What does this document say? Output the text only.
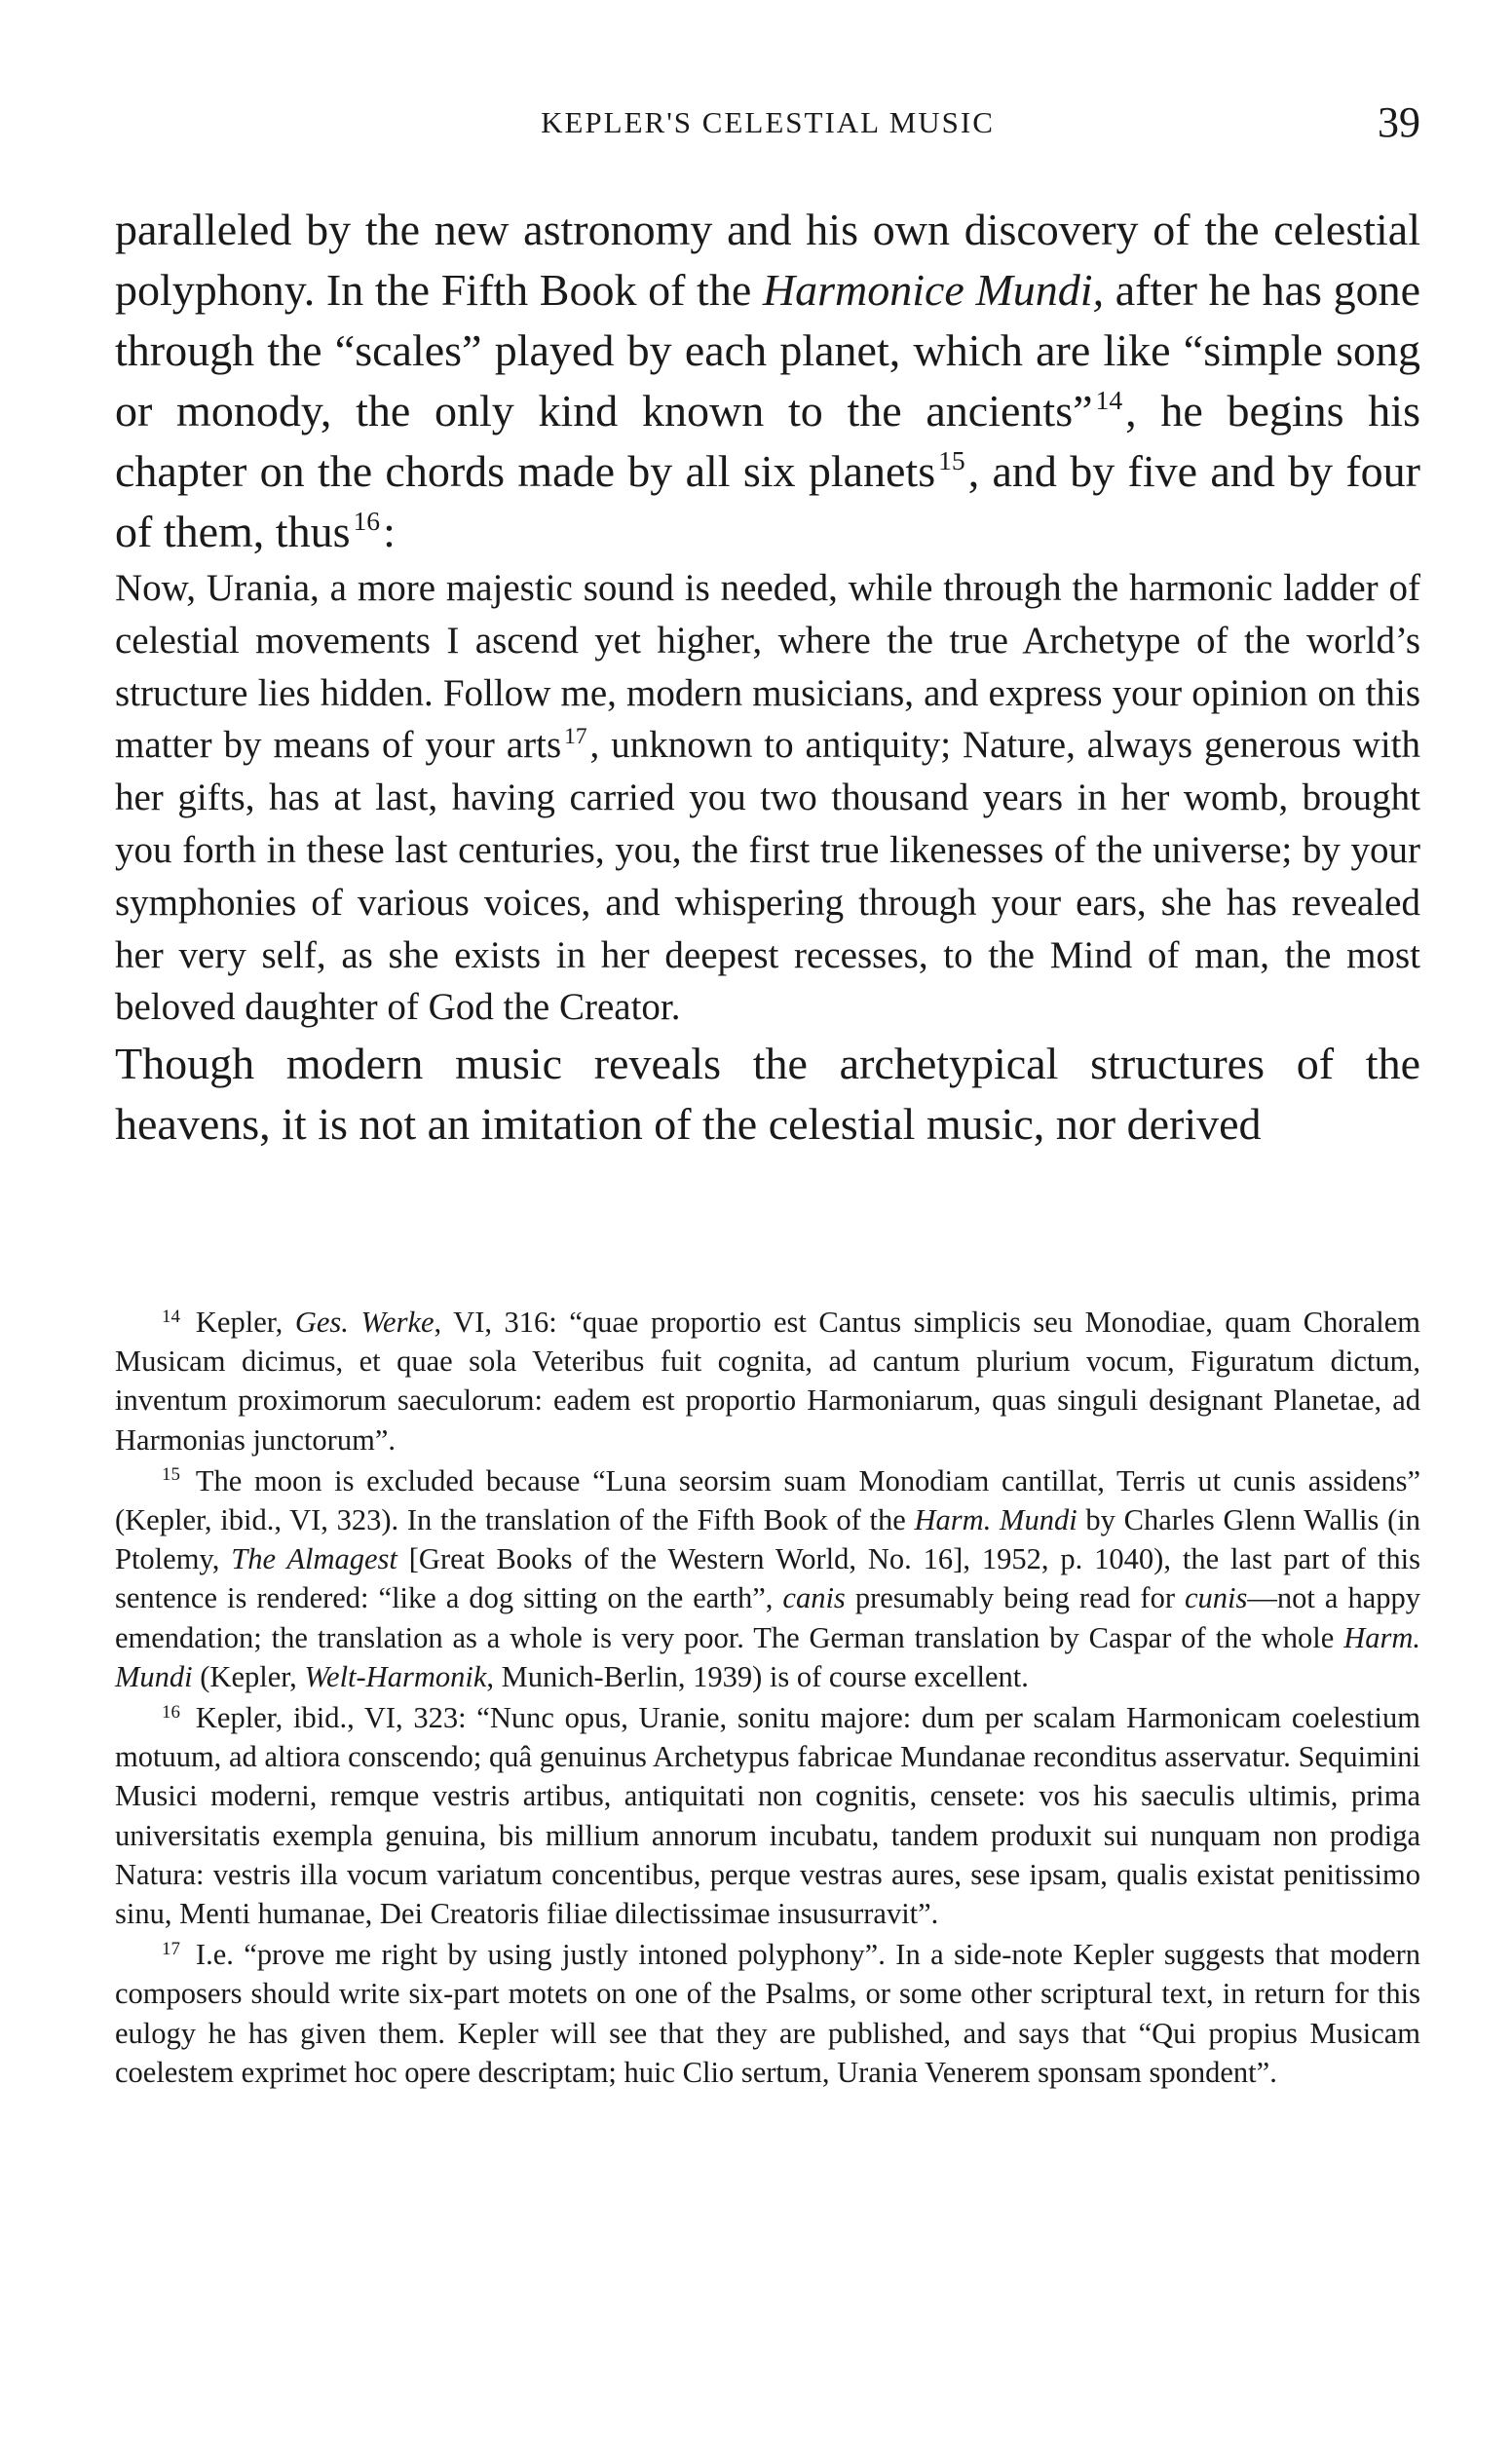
KEPLER'S CELESTIAL MUSIC	39

paralleled by the new astronomy and his own discovery of the celestial polyphony. In the Fifth Book of the Harmonice Mundi, after he has gone through the “scales” played by each planet, which are like “simple song or monody, the only kind known to the ancients” $^{14}$, he begins his chapter on the chords made by all six planets $^{15}$, and by five and by four of them, thus $^{16}$:

Now, Urania, a more majestic sound is needed, while through the harmonic ladder of celestial movements I ascend yet higher, where the true Archetype of the world’s structure lies hidden. Follow me, modern musicians, and express your opinion on this matter by means of your arts $^{17}$, unknown to antiquity; Nature, always generous with her gifts, has at last, having carried you two thousand years in her womb, brought you forth in these last centuries, you, the first true likenesses of the universe; by your symphonies of various voices, and whispering through your ears, she has revealed her very self, as she exists in her deepest recesses, to the Mind of man, the most beloved daughter of God the Creator.

Though modern music reveals the archetypical structures of the heavens, it is not an imitation of the celestial music, nor derived

$^{14}$ Kepler, Ges. Werke, VI, 316: “quae proportio est Cantus simplicis seu Monodiae, quam Choralem Musicam dicimus, et quae sola Veteribus fuit cognita, ad cantum plurium vocum, Figuratum dictum, inventum proximorum saeculorum: eadem est proportio Harmoniarum, quas singuli designant Planetae, ad Harmonias junctorum”.

$^{15}$ The moon is excluded because “Luna seorsim suam Monodiam cantillat, Terris ut cunis assidens” (Kepler, ibid., VI, 323). In the translation of the Fifth Book of the Harm. Mundi by Charles Glenn Wallis (in Ptolemy, The Almagest [Great Books of the Western World, No. 16], 1952, p. 1040), the last part of this sentence is rendered: “like a dog sitting on the earth”, canis presumably being read for cunis—not a happy emendation; the translation as a whole is very poor. The German translation by Caspar of the whole Harm. Mundi (Kepler, Welt-Harmonik, Munich-Berlin, 1939) is of course excellent.

$^{16}$ Kepler, ibid., VI, 323: “Nunc opus, Uranie, sonitu majore: dum per scalam Harmonicam coelestium motuum, ad altiora conscendo; quâ genuinus Archetypus fabricae Mundanae reconditus asservatur. Sequimini Musici moderni, remque vestris artibus, antiquitati non cognitis, censete: vos his saeculis ultimis, prima universitatis exempla genuina, bis millium annorum incubatu, tandem produxit sui nunquam non prodiga Natura: vestris illa vocum variatum concentibus, perque vestras aures, sese ipsam, qualis existat penitissimo sinu, Menti humanae, Dei Creatoris filiae dilectissimae insusurravit”.

$^{17}$ I.e. “prove me right by using justly intoned polyphony”. In a side-note Kepler suggests that modern composers should write six-part motets on one of the Psalms, or some other scriptural text, in return for this eulogy he has given them. Kepler will see that they are published, and says that “Qui propius Musicam coelestem exprimet hoc opere descriptam; huic Clio sertum, Urania Venerem sponsam spondent”.
